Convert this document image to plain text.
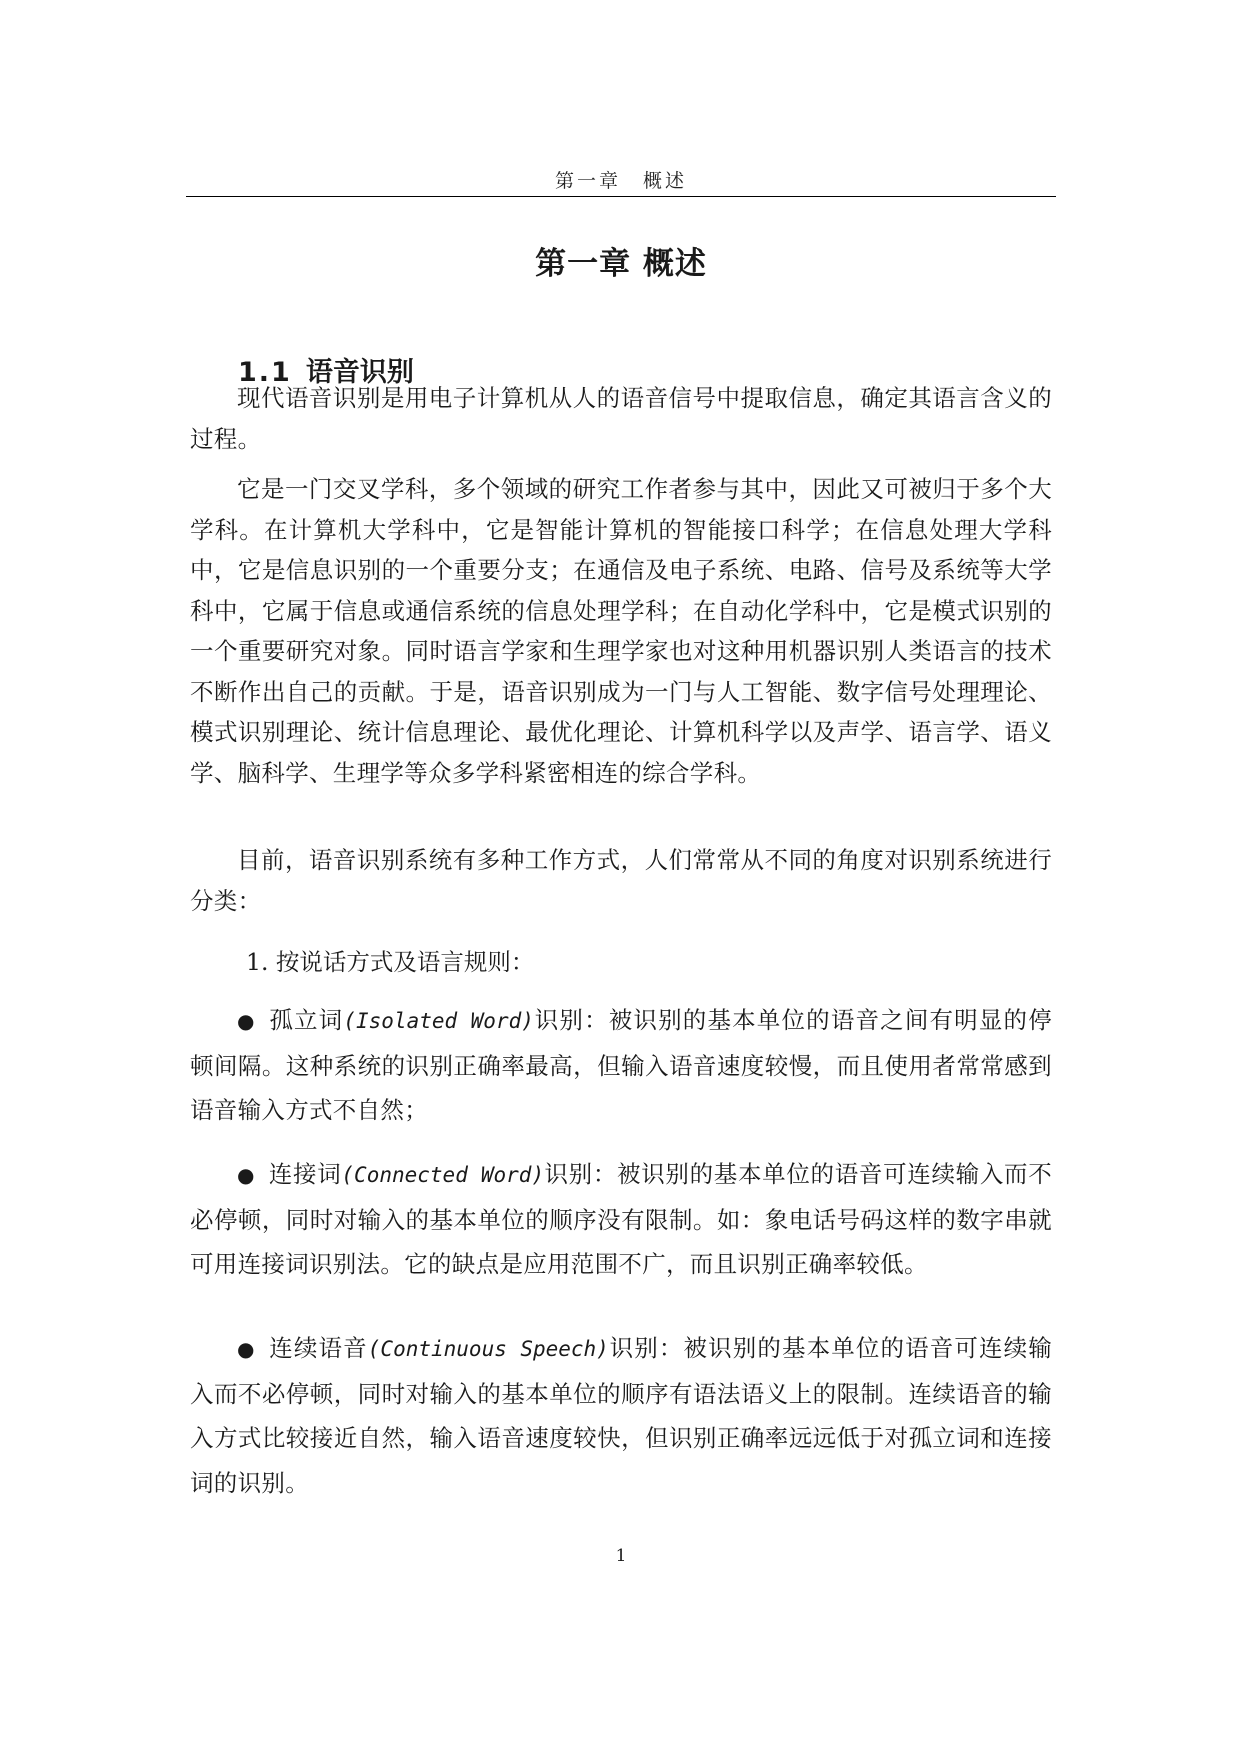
第一章　概述
第一章 概述
1.1 语音识别

现代语音识别是用电子计算机从人的语音信号中提取信息，确定其语言含义的过程。
它是一门交叉学科，多个领域的研究工作者参与其中，因此又可被归于多个大学科。在计算机大学科中，它是智能计算机的智能接口科学；在信息处理大学科中，它是信息识别的一个重要分支；在通信及电子系统、电路、信号及系统等大学科中，它属于信息或通信系统的信息处理学科；在自动化学科中，它是模式识别的一个重要研究对象。同时语言学家和生理学家也对这种用机器识别人类语言的技术不断作出自己的贡献。于是，语音识别成为一门与人工智能、数字信号处理理论、模式识别理论、统计信息理论、最优化理论、计算机科学以及声学、语言学、语义学、脑科学、生理学等众多学科紧密相连的综合学科。
目前，语音识别系统有多种工作方式，人们常常从不同的角度对识别系统进行分类：
1. 按说话方式及语言规则：
● 孤立词(Isolated Word)识别：被识别的基本单位的语音之间有明显的停顿间隔。这种系统的识别正确率最高，但输入语音速度较慢，而且使用者常常感到语音输入方式不自然；
● 连接词(Connected Word)识别：被识别的基本单位的语音可连续输入而不必停顿，同时对输入的基本单位的顺序没有限制。如：象电话号码这样的数字串就可用连接词识别法。它的缺点是应用范围不广，而且识别正确率较低。
● 连续语音(Continuous Speech)识别：被识别的基本单位的语音可连续输入而不必停顿，同时对输入的基本单位的顺序有语法语义上的限制。连续语音的输入方式比较接近自然，输入语音速度较快，但识别正确率远远低于对孤立词和连接词的识别。
1
